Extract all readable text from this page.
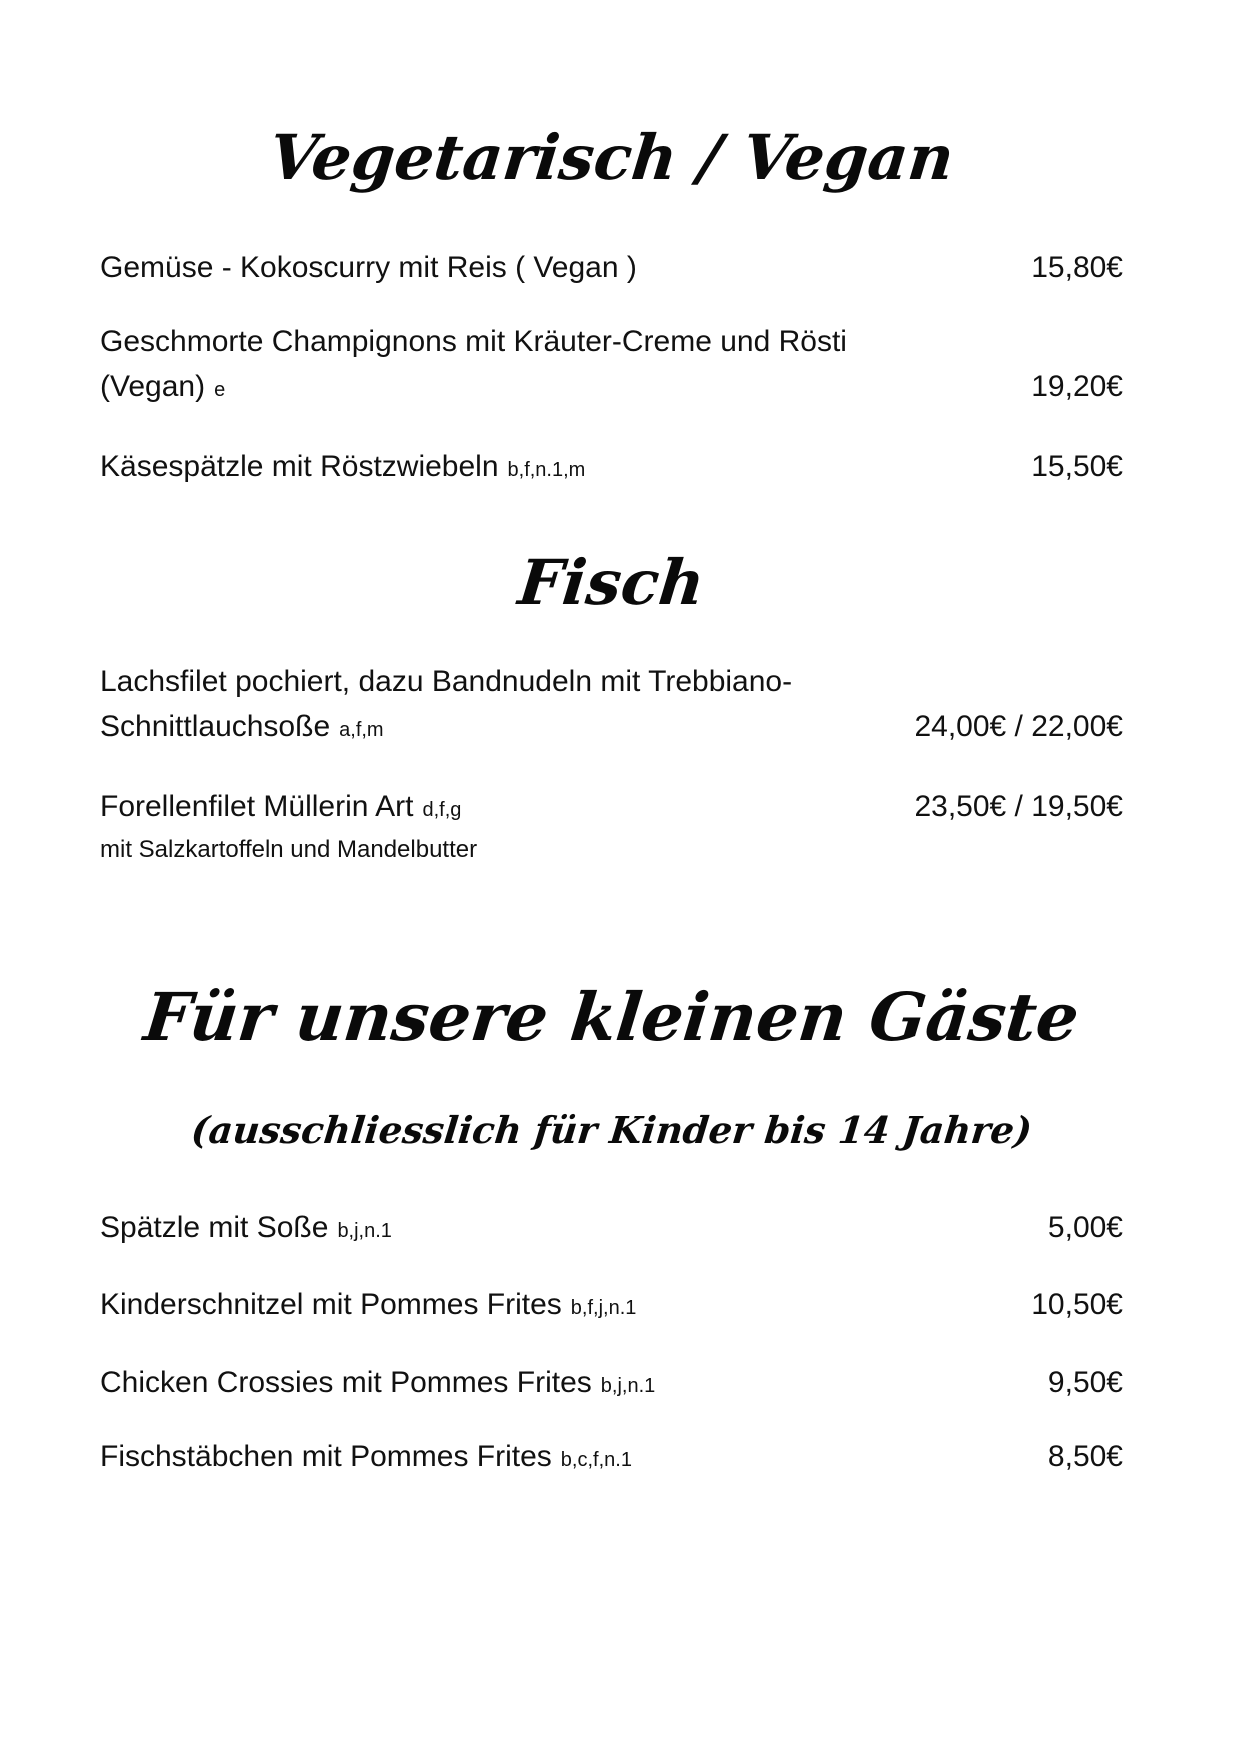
Vegetarisch / Vegan
Gemüse - Kokoscurry mit Reis ( Vegan )	15,80€
Geschmorte Champignons mit Kräuter-Creme und Rösti
(Vegan) e	19,20€
Käsespätzle mit Röstzwiebeln b,f,n.1,m	15,50€
Fisch
Lachsfilet pochiert, dazu Bandnudeln mit Trebbiano-
Schnittlauchsoße a,f,m	24,00€ / 22,00€
Forellenfilet Müllerin Art d,f,g	23,50€ / 19,50€
mit Salzkartoffeln und Mandelbutter
Für unsere kleinen Gäste
(ausschliesslich für Kinder bis 14 Jahre)
Spätzle mit Soße b,j,n.1	5,00€
Kinderschnitzel mit Pommes Frites b,f,j,n.1	10,50€
Chicken Crossies mit Pommes Frites b,j,n.1	9,50€
Fischstäbchen mit Pommes Frites b,c,f,n.1	8,50€
